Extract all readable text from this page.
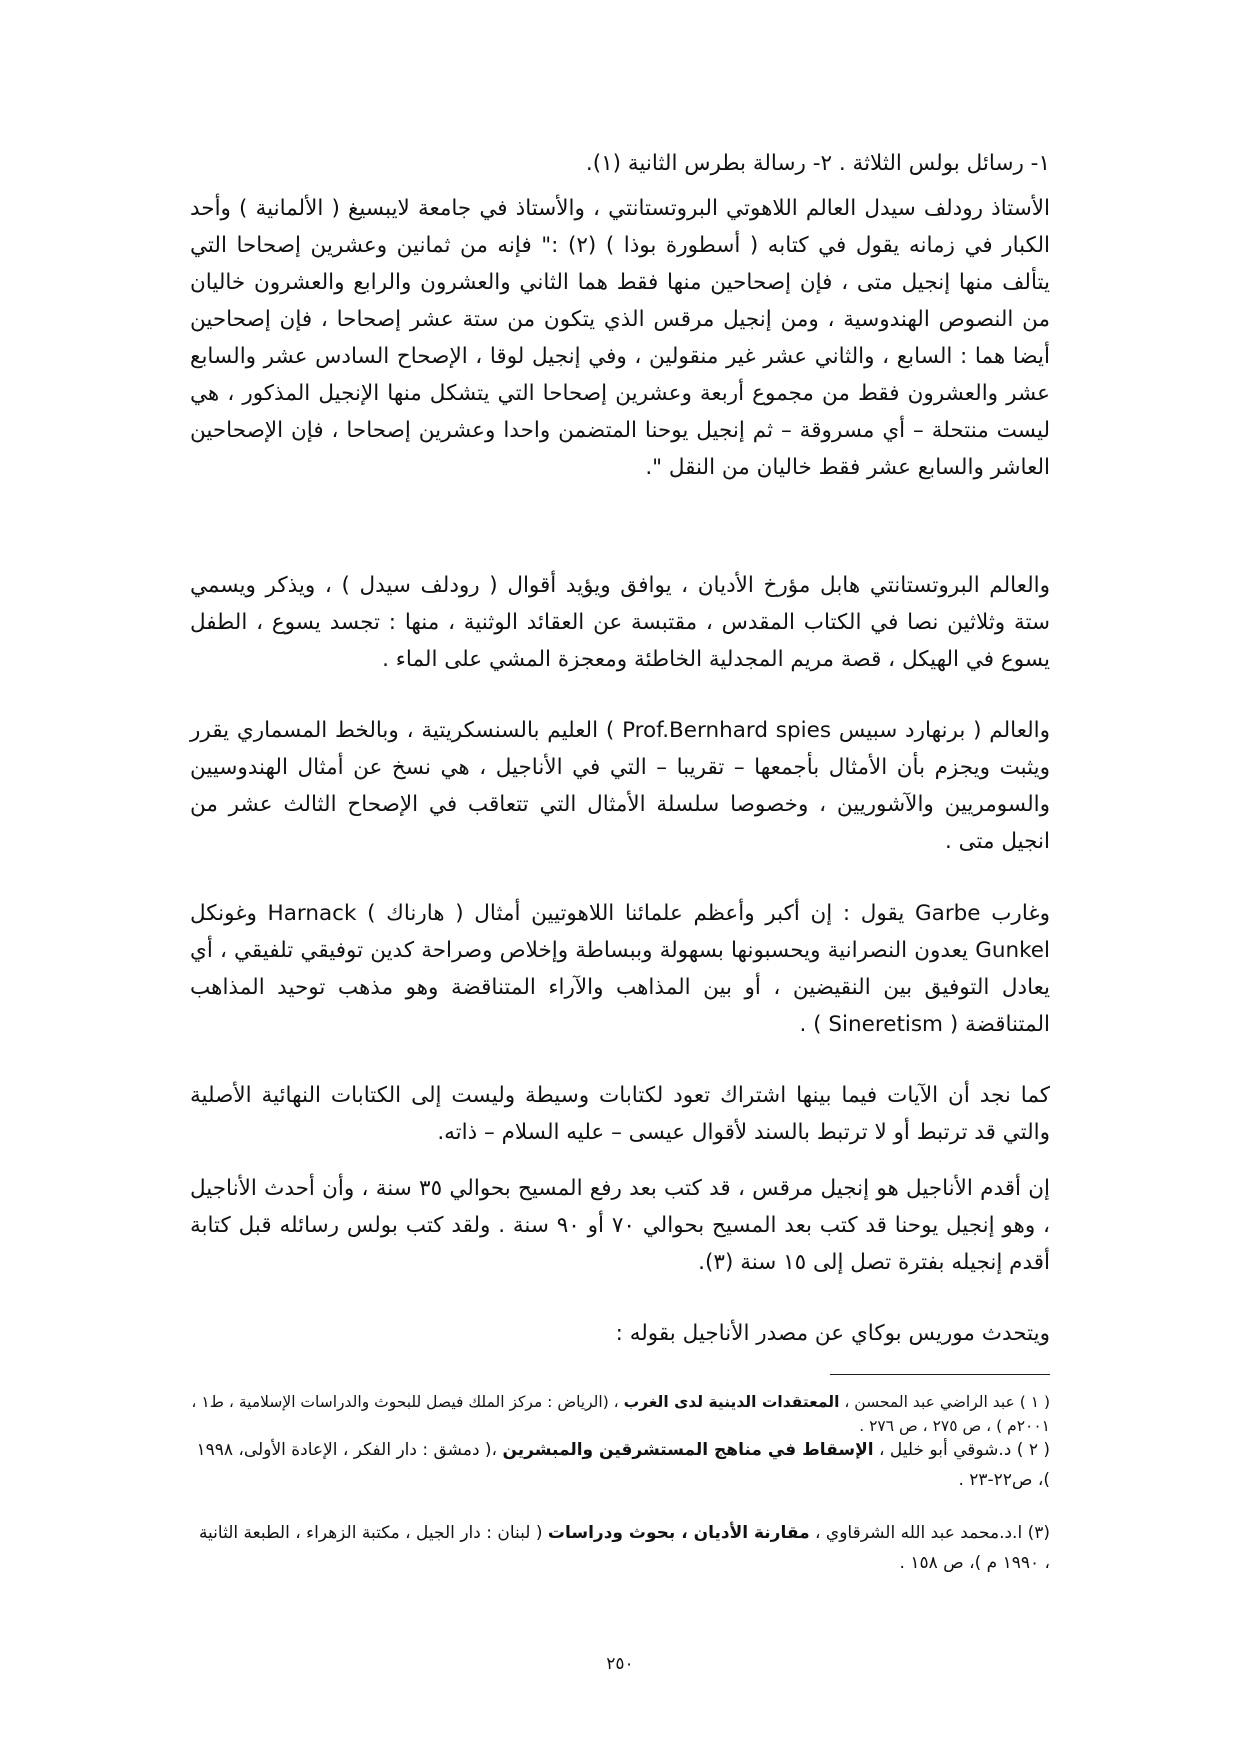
١- رسائل بولس الثلاثة . ٢- رسالة بطرس الثانية (١).
الأستاذ رودلف سيدل العالم اللاهوتي البروتستانتي ، والأستاذ في جامعة لايبسيغ ( الألمانية ) وأحد الكبار في زمانه يقول في كتابه ( أسطورة بوذا ) (٢) :" فإنه من ثمانين وعشرين إصحاحا التي يتألف منها إنجيل متى ، فإن إصحاحين منها فقط هما الثاني والعشرون والرابع والعشرون خاليان من النصوص الهندوسية ، ومن إنجيل مرقس الذي يتكون من ستة عشر إصحاحا ، فإن إصحاحين أيضا هما : السابع ، والثاني عشر غير منقولين ، وفي إنجيل لوقا ، الإصحاح السادس عشر والسابع عشر والعشرون فقط من مجموع أربعة وعشرين إصحاحا التي يتشكل منها الإنجيل المذكور ، هي ليست منتحلة – أي مسروقة – ثم إنجيل يوحنا المتضمن واحدا وعشرين إصحاحا ، فإن الإصحاحين العاشر والسابع عشر فقط خاليان من النقل ".
والعالم البروتستانتي هابل مؤرخ الأديان ، يوافق ويؤيد أقوال ( رودلف سيدل ) ، ويذكر ويسمي ستة وثلاثين نصا في الكتاب المقدس ، مقتبسة عن العقائد الوثنية ، منها : تجسد يسوع ، الطفل يسوع في الهيكل ، قصة مريم المجدلية الخاطئة ومعجزة المشي على الماء .
والعالم ( برنهارد سبيس Prof.Bernhard spies ) العليم بالسنسكريتية ، وبالخط المسماري يقرر ويثبت ويجزم بأن الأمثال بأجمعها – تقريبا – التي في الأناجيل ، هي نسخ عن أمثال الهندوسيين والسومريين والآشوريين ، وخصوصا سلسلة الأمثال التي تتعاقب في الإصحاح الثالث عشر من انجيل متى .
وغارب Garbe يقول : إن أكبر وأعظم علمائنا اللاهوتيين أمثال ( هارناك ) Harnack وغونكل Gunkel يعدون النصرانية ويحسبونها بسهولة وببساطة وإخلاص وصراحة كدين توفيقي تلفيقي ، أي يعادل التوفيق بين النقيضين ، أو بين المذاهب والآراء المتناقضة وهو مذهب توحيد المذاهب المتناقضة ( Sineretism ) .
كما نجد أن الآيات فيما بينها اشتراك تعود لكتابات وسيطة وليست إلى الكتابات النهائية الأصلية والتي قد ترتبط أو لا ترتبط بالسند لأقوال عيسى – عليه السلام – ذاته.
إن أقدم الأناجيل هو إنجيل مرقس ، قد كتب بعد رفع المسيح بحوالي ٣٥ سنة ، وأن أحدث الأناجيل ، وهو إنجيل يوحنا قد كتب بعد المسيح بحوالي ٧٠ أو ٩٠ سنة . ولقد كتب بولس رسائله قبل كتابة أقدم إنجيله بفترة تصل إلى ١٥ سنة (٣).
ويتحدث موريس بوكاي عن مصدر الأناجيل بقوله :
( ١ ) عبد الراضي عبد المحسن ، المعتقدات الدينية لدى الغرب ، (الرياض : مركز الملك فيصل للبحوث والدراسات الإسلامية ، ط١ ، ٢٠٠١م ) ، ص ٢٧٥ ، ص ٢٧٦ .
( ٢ ) د.شوقي أبو خليل ، الإسقاط في مناهج المستشرقين والمبشرين ،( دمشق : دار الفكر ، الإعادة الأولى، ١٩٩٨ )، ص٢٢-٢٣ .
(٣) ا.د.محمد عبد الله الشرقاوي ، مقارنة الأديان ، بحوث ودراسات ( لبنان : دار الجيل ، مكتبة الزهراء ، الطبعة الثانية ، ١٩٩٠ م )، ص ١٥٨ .
٢٥٠
